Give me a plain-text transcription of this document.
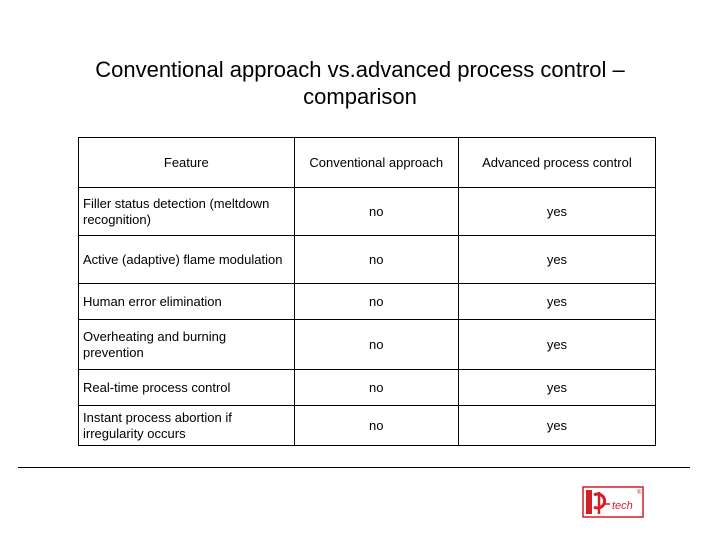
Conventional approach vs.advanced process control – comparison
Feature	Conventional approach	Advanced process control
Filler status detection (meltdown recognition)	no	yes
Active (adaptive) flame modulation	no	yes
Human error elimination	no	yes
Overheating and burning prevention	no	yes
Real-time process control	no	yes
Instant process abortion if irregularity occurs	no	yes
tech
®
